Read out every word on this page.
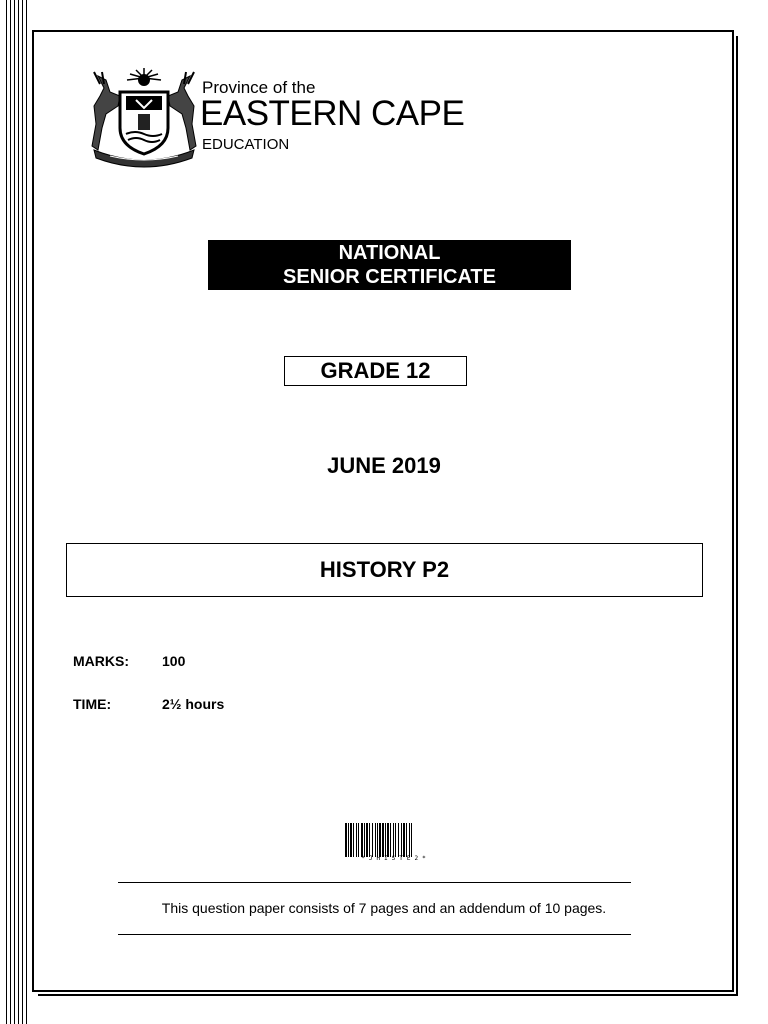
Province of the
EASTERN CAPE
EDUCATION
NATIONAL
SENIOR CERTIFICATE
GRADE 12
JUNE 2019
HISTORY P2
MARKS: 100
TIME:	2½ hours
*JHISTE2*
This question paper consists of 7 pages and an addendum of 10 pages.
